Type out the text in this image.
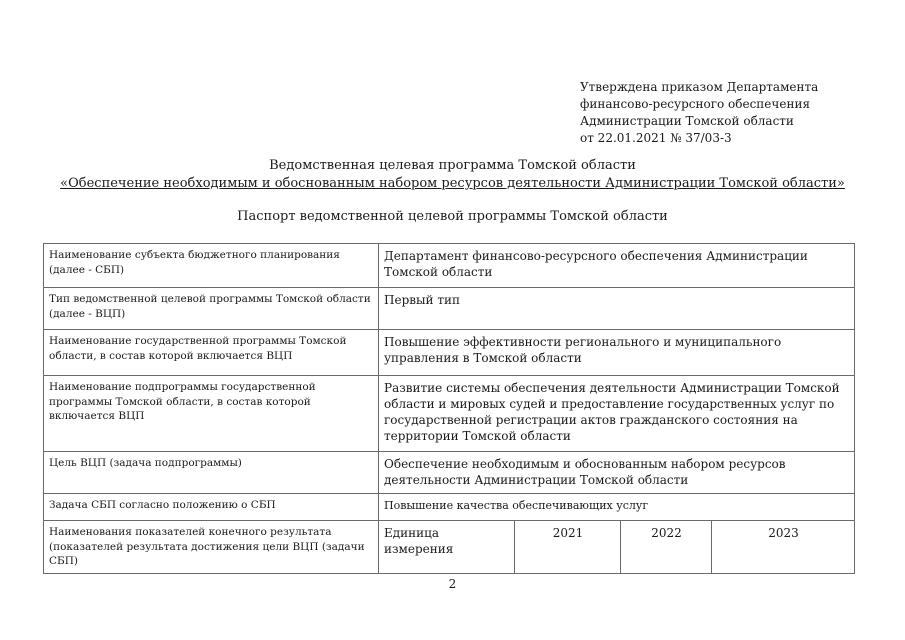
Утверждена приказом Департамента
финансово-ресурсного обеспечения
Администрации Томской области
от 22.01.2021 № 37/03-3
Ведомственная целевая программа Томской области
«Обеспечение необходимым и обоснованным набором ресурсов деятельности Администрации Томской области»
Паспорт ведомственной целевой программы Томской области
Наименование субъекта бюджетного планирования (далее - СБП)	Департамент финансово-ресурсного обеспечения Администрации Томской области			
Тип ведомственной целевой программы Томской области (далее - ВЦП)	Первый тип			
Наименование государственной программы Томской области, в состав которой включается ВЦП	Повышение эффективности регионального и муниципального управления в Томской области			
Наименование подпрограммы государственной программы Томской области, в состав которой включается ВЦП	Развитие системы обеспечения деятельности Администрации Томской области и мировых судей и предоставление государственных услуг по государственной регистрации актов гражданского состояния на территории Томской области			
Цель ВЦП (задача подпрограммы)	Обеспечение необходимым и обоснованным набором ресурсов деятельности Администрации Томской области			
Задача СБП согласно положению о СБП	Повышение качества обеспечивающих услуг			
Наименования показателей конечного результата (показателей результата достижения цели ВЦП (задачи СБП)	Единица измерения	2021	2022	2023
2
